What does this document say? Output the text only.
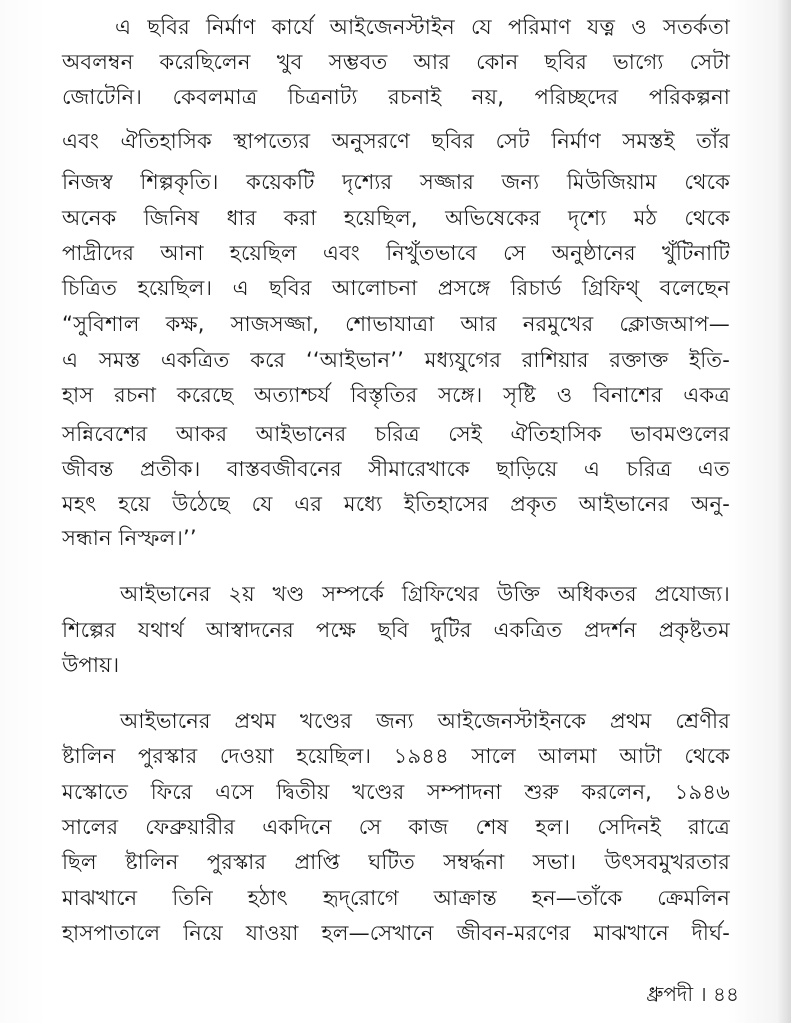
এ ছবির নির্মাণ কার্যে আইজেনস্টাইন যে পরিমাণ যত্ন ও সতর্কতা
অবলম্বন করেছিলেন খুব সম্ভবত আর কোন ছবির ভাগ্যে সেটা
জোটেনি। কেবলমাত্র চিত্রনাট্য রচনাই নয়, পরিচ্ছদের পরিকল্পনা
এবং ঐতিহাসিক স্থাপত্যের অনুসরণে ছবির সেট নির্মাণ সমস্তই তাঁর
নিজস্ব শিল্পকৃতি। কয়েকটি দৃশ্যের সজ্জার জন্য মিউজিয়াম থেকে
অনেক জিনিষ ধার করা হয়েছিল, অভিষেকের দৃশ্যে মঠ থেকে
পাদ্রীদের আনা হয়েছিল এবং নিখুঁতভাবে সে অনুষ্ঠানের খুঁটিনাটি
চিত্রিত হয়েছিল। এ ছবির আলোচনা প্রসঙ্গে রিচার্ড গ্রিফিথ্ বলেছেন
“সুবিশাল কক্ষ, সাজসজ্জা, শোভাযাত্রা আর নরমুখের ক্লোজআপ—
এ সমস্ত একত্রিত করে ‘‘আইভান’’ মধ্যযুগের রাশিয়ার রক্তাক্ত ইতি-
হাস রচনা করেছে অত্যাশ্চর্য বিস্তৃতির সঙ্গে। সৃষ্টি ও বিনাশের একত্র
সন্নিবেশের আকর আইভানের চরিত্র সেই ঐতিহাসিক ভাবমণ্ডলের
জীবন্ত প্রতীক। বাস্তবজীবনের সীমারেখাকে ছাড়িয়ে এ চরিত্র এত
মহৎ হয়ে উঠেছে যে এর মধ্যে ইতিহাসের প্রকৃত আইভানের অনু-
সন্ধান নিস্ফল।’’
আইভানের ২য় খণ্ড সম্পর্কে গ্রিফিথের উক্তি অধিকতর প্রযোজ্য।
শিল্পের যথার্থ আস্বাদনের পক্ষে ছবি দুটির একত্রিত প্রদর্শন প্রকৃষ্টতম
উপায়।
আইভানের প্রথম খণ্ডের জন্য আইজেনস্টাইনকে প্রথম শ্রেণীর
ষ্টালিন পুরস্কার দেওয়া হয়েছিল। ১৯৪৪ সালে আলমা আটা থেকে
মস্কোতে ফিরে এসে দ্বিতীয় খণ্ডের সম্পাদনা শুরু করলেন, ১৯৪৬
সালের ফেব্রুয়ারীর একদিনে সে কাজ শেষ হল। সেদিনই রাত্রে
ছিল ষ্টালিন পুরস্কার প্রাপ্তি ঘটিত সম্বর্দ্ধনা সভা। উৎসবমুখরতার
মাঝখানে তিনি হঠাৎ হৃদ্‌রোগে আক্রান্ত হন—তাঁকে ক্রেমলিন
হাসপাতালে নিয়ে যাওয়া হল—সেখানে জীবন-মরণের মাঝখানে দীর্ঘ-
ধ্রুপদী । ৪৪
